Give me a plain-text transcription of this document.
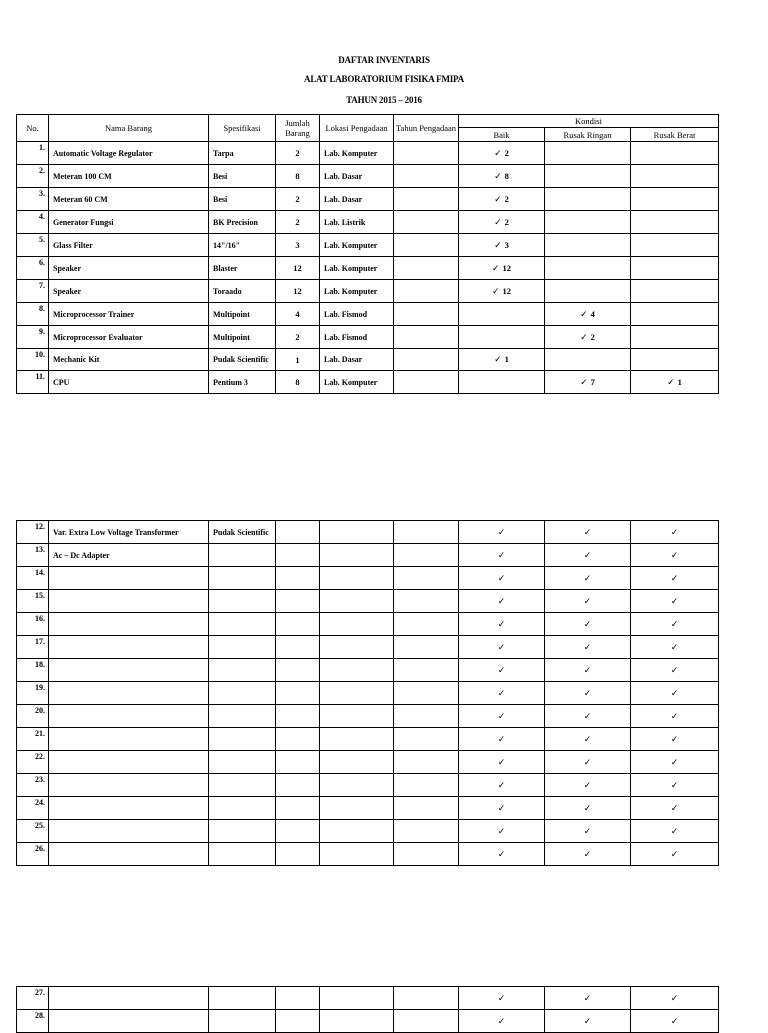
DAFTAR INVENTARIS
ALAT LABORATORIUM FISIKA FMIPA
TAHUN 2015 – 2016
No.	Nama Barang	Spesifikasi	Jumlah Barang	Lokasi Pengadaan	Tahun Pengadaan	Kondisi		
						Baik	Rusak Ringan	Rusak Berat
1.	Automatic Voltage Regulator	Tarpa	2	Lab. Komputer		✓ 2		
2.	Meteran 100 CM	Besi	8	Lab. Dasar		✓ 8		
3.	Meteran 60 CM	Besi	2	Lab. Dasar		✓ 2		
4.	Generator Fungsi	BK Precision	2	Lab. Listrik		✓ 2		
5.	Glass Filter	14"/16"	3	Lab. Komputer		✓ 3		
6.	Speaker	Blaster	12	Lab. Komputer		✓ 12		
7.	Speaker	Toraado	12	Lab. Komputer		✓ 12		
8.	Microprocessor Trainer	Multipoint	4	Lab. Fismod			✓ 4	
9.	Microprocessor Evaluator	Multipoint	2	Lab. Fismod			✓ 2	
10.	Mechanic Kit	Pudak Scientific	1	Lab. Dasar		✓ 1		
11.	CPU	Pentium 3	8	Lab. Komputer			✓ 7	✓ 1
12.	Var. Extra Low Voltage Transformer	Pudak Scientific				✓	✓	✓
13.	Ac – Dc Adapter					✓	✓	✓
14.						✓	✓	✓
15.						✓	✓	✓
16.						✓	✓	✓
17.						✓	✓	✓
18.						✓	✓	✓
19.						✓	✓	✓
20.						✓	✓	✓
21.						✓	✓	✓
22.						✓	✓	✓
23.						✓	✓	✓
24.						✓	✓	✓
25.						✓	✓	✓
26.						✓	✓	✓
27.						✓	✓	✓
28.						✓	✓	✓
